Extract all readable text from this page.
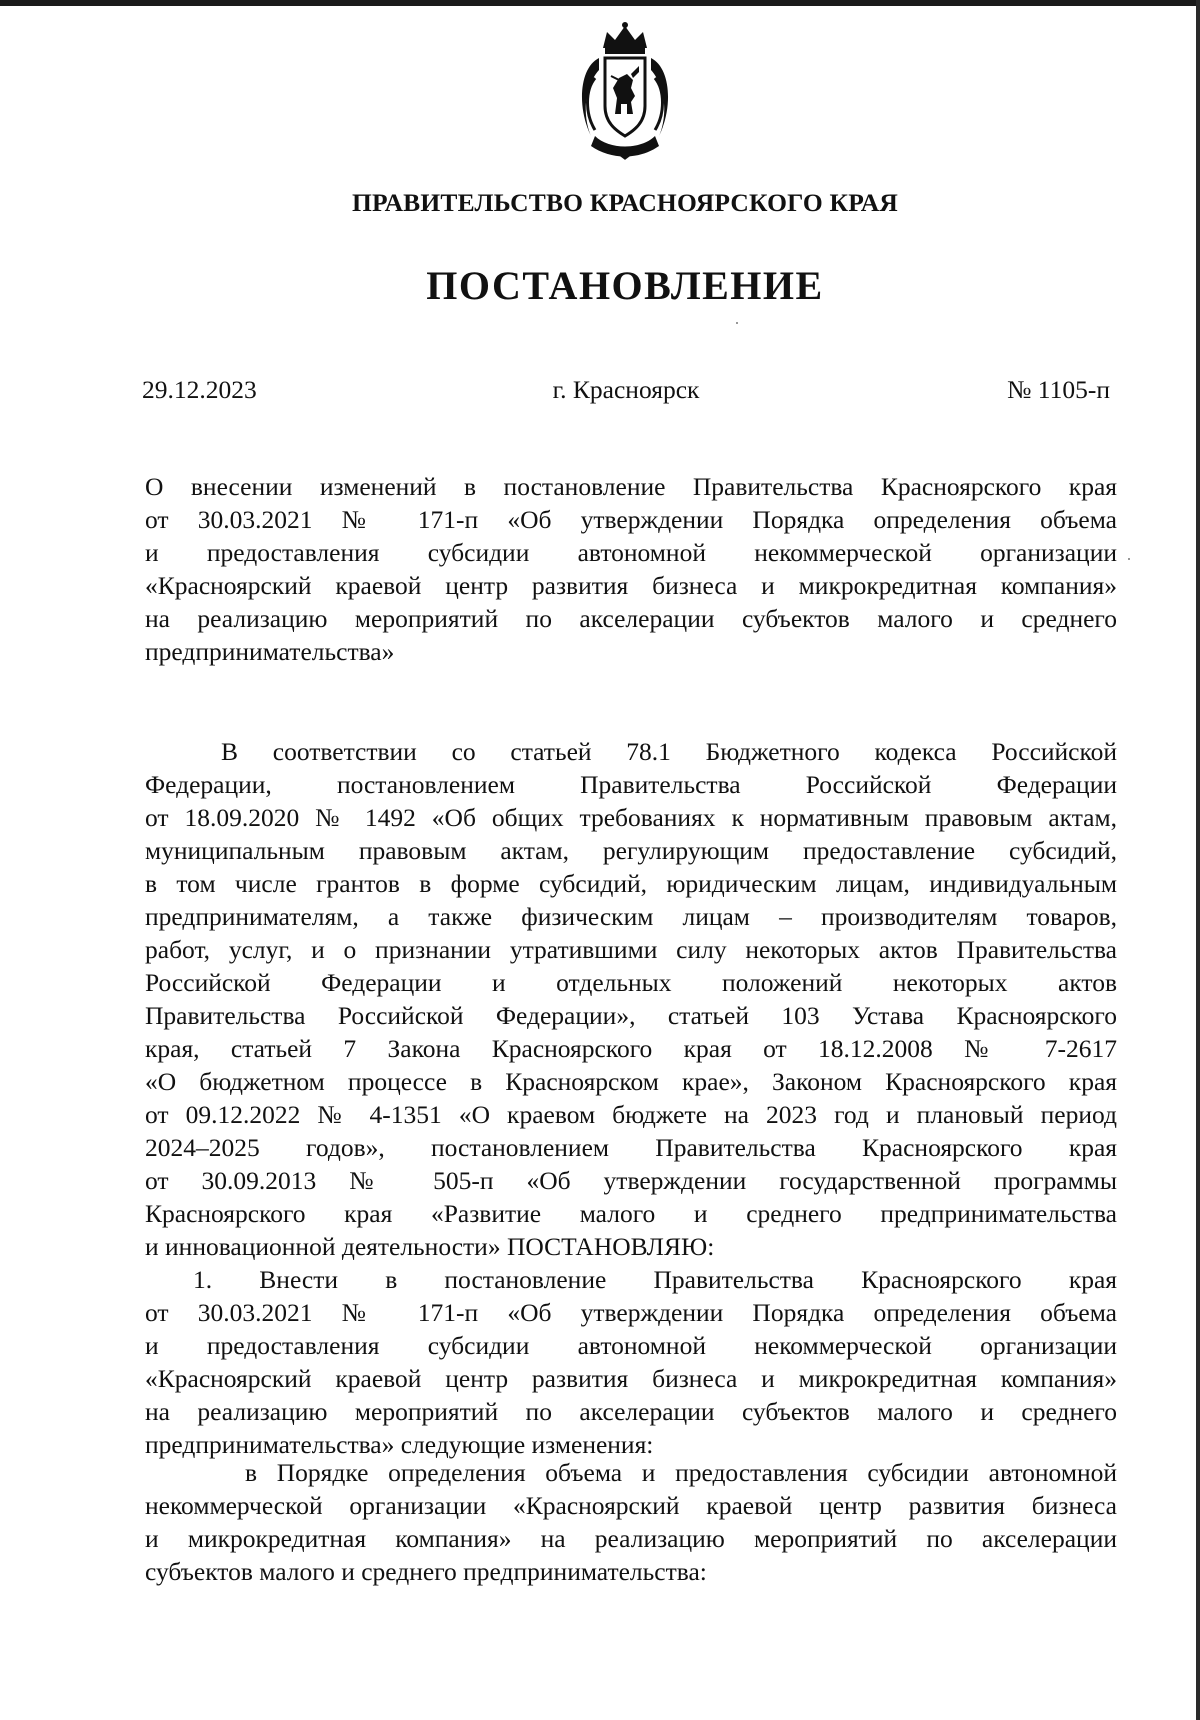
ПРАВИТЕЛЬСТВО КРАСНОЯРСКОГО КРАЯ
ПОСТАНОВЛЕНИЕ
29.12.2023	г. Красноярск	№ 1105-п
О внесении изменений в постановление Правительства Красноярского края
от 30.03.2021 № 171-п «Об утверждении Порядка определения объема
и предоставления субсидии автономной некоммерческой организации
«Красноярский краевой центр развития бизнеса и микрокредитная компания»
на реализацию мероприятий по акселерации субъектов малого и среднего
предпринимательства»
В соответствии со статьей 78.1 Бюджетного кодекса Российской
Федерации, постановлением Правительства Российской Федерации
от 18.09.2020 № 1492 «Об общих требованиях к нормативным правовым актам,
муниципальным правовым актам, регулирующим предоставление субсидий,
в том числе грантов в форме субсидий, юридическим лицам, индивидуальным
предпринимателям, а также физическим лицам – производителям товаров,
работ, услуг, и о признании утратившими силу некоторых актов Правительства
Российской Федерации и отдельных положений некоторых актов
Правительства Российской Федерации», статьей 103 Устава Красноярского
края, статьей 7 Закона Красноярского края от 18.12.2008 № 7-2617
«О бюджетном процессе в Красноярском крае», Законом Красноярского края
от 09.12.2022 № 4-1351 «О краевом бюджете на 2023 год и плановый период
2024–2025 годов», постановлением Правительства Красноярского края
от 30.09.2013 № 505-п «Об утверждении государственной программы
Красноярского края «Развитие малого и среднего предпринимательства
и инновационной деятельности» ПОСТАНОВЛЯЮ:
1. Внести в постановление Правительства Красноярского края
от 30.03.2021 № 171-п «Об утверждении Порядка определения объема
и предоставления субсидии автономной некоммерческой организации
«Красноярский краевой центр развития бизнеса и микрокредитная компания»
на реализацию мероприятий по акселерации субъектов малого и среднего
предпринимательства» следующие изменения:
в Порядке определения объема и предоставления субсидии автономной
некоммерческой организации «Красноярский краевой центр развития бизнеса
и микрокредитная компания» на реализацию мероприятий по акселерации
субъектов малого и среднего предпринимательства:
